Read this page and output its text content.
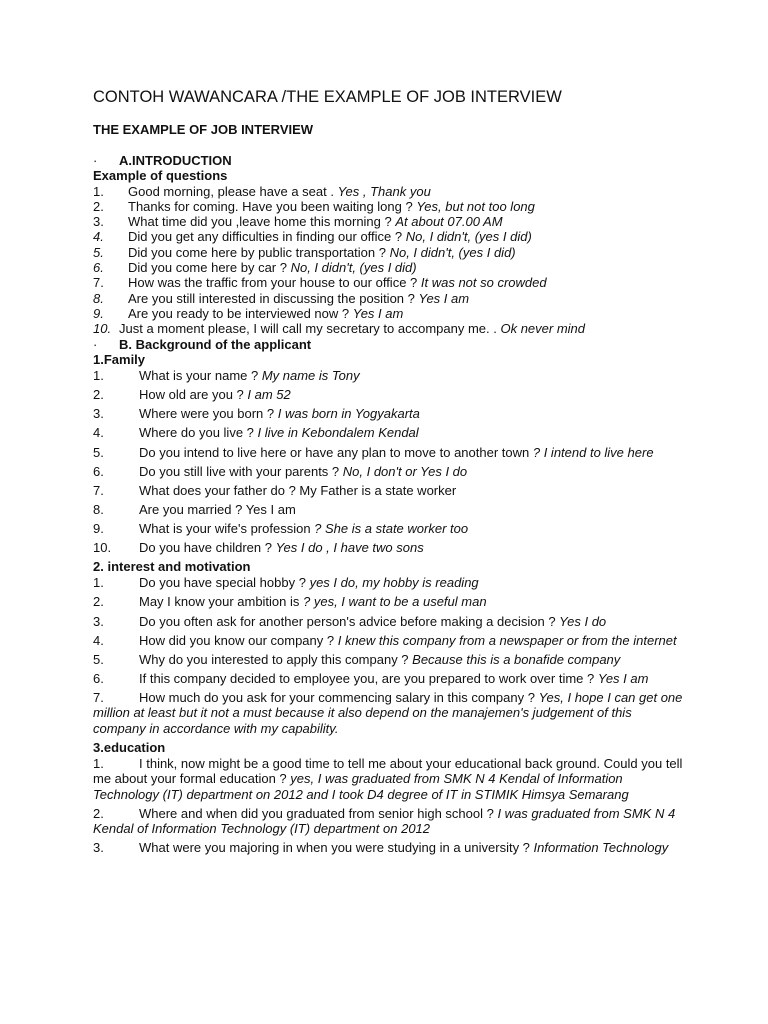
CONTOH WAWANCARA /THE EXAMPLE OF JOB INTERVIEW
THE EXAMPLE OF JOB INTERVIEW
· A.INTRODUCTION
Example of questions
1. Good morning, please have a seat . Yes , Thank you
2. Thanks for coming. Have you been waiting long ? Yes, but not too long
3. What time did you ,leave home this morning ? At about 07.00 AM
4. Did you get any difficulties in finding our office ? No, I didn't, (yes I did)
5. Did you come here by public transportation ? No, I didn't, (yes I did)
6. Did you come here by car ? No, I didn't, (yes I did)
7. How was the traffic from your house to our office ? It was not so crowded
8. Are you still interested in discussing the position ? Yes I am
9. Are you ready to be interviewed now ? Yes I am
10. Just a moment please, I will call my secretary to accompany me. . Ok never mind
· B. Background of the applicant
1.Family
1.	What is your name ? My name is Tony
2.	How old are you ? I am 52
3.	Where were you born ? I was born in Yogyakarta
4.	Where do you live ? I live in Kebondalem Kendal
5.	Do you intend to live here or have any plan to move to another town ? I intend to live here
6.	Do you still live with your parents ? No, I don't or Yes I do
7.	What does your father do ? My Father is a state worker
8.	Are you married ? Yes I am
9.	What is your wife's profession ? She is a state worker too
10. Do you have children ? Yes I do , I have two sons
2. interest and motivation
1.	Do you have special hobby ? yes I do, my hobby is reading
2.	May I know your ambition is ? yes, I want to be a useful man
3.	Do you often ask for another person's advice before making a decision ? Yes I do
4.	How did you know our company ? I knew this company from a newspaper or from the internet
5.	Why do you interested to apply this company ? Because this is a bonafide company
6.	If this company decided to employee you, are you prepared to work over time ? Yes I am
7.	How much do you ask for your commencing salary in this company ? Yes, I hope I can get one million at least but it not a must because it also depend on the manajemen's judgement of this company in accordance with my capability.
3.education
1.	I think, now might be a good time to tell me about your educational back ground. Could you tell me about your formal education ? yes, I was graduated from SMK N 4 Kendal of Information Technology (IT) department on 2012 and I took D4 degree of IT in STIMIK Himsya Semarang
2.	Where and when did you graduated from senior high school ? I was graduated from SMK N 4 Kendal of Information Technology (IT) department on 2012
3.	What were you majoring in when you were studying in a university ? Information Technology
